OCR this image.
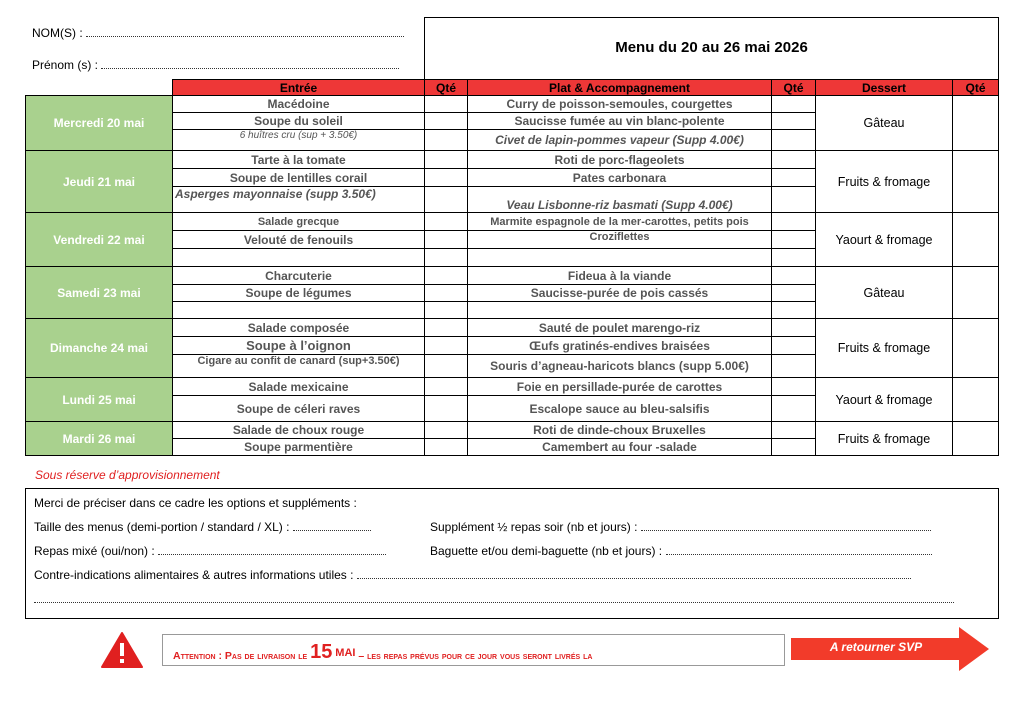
NOM(S) :
Prénom (s) :
Menu du 20 au 26 mai 2026
	Entrée	Qté	Plat & Accompagnement	Qté	Dessert	Qté
Mercredi 20 mai	Macédoine		Curry de poisson-semoules, courgettes		Gâteau	
	Soupe du soleil		Saucisse fumée au vin blanc-polente			
	6 huîtres cru (sup + 3.50€)		Civet de lapin-pommes vapeur (Supp 4.00€)			
Jeudi 21 mai	Tarte à la tomate		Roti de porc-flageolets		Fruits & fromage	
	Soupe de lentilles corail		Pates carbonara			
	Asperges mayonnaise (supp 3.50€)		Veau Lisbonne-riz basmati (Supp 4.00€)			
Vendredi 22 mai	Salade grecque		Marmite espagnole de la mer-carottes, petits pois		Yaourt & fromage	
	Velouté de fenouils		Croziflettes			

Samedi 23 mai	Charcuterie		Fideua à la viande		Gâteau	
	Soupe de légumes		Saucisse-purée de pois cassés			

Dimanche 24 mai	Salade composée		Sauté de poulet marengo-riz		Fruits & fromage	
	Soupe à l’oignon		Œufs gratinés-endives braisées			
	Cigare au confit de canard (sup+3.50€)		Souris d’agneau-haricots blancs (supp 5.00€)			
Lundi 25 mai	Salade mexicaine		Foie en persillade-purée de carottes		Yaourt & fromage	
	Soupe de céleri raves		Escalope sauce au bleu-salsifis			
Mardi 26 mai	Salade de choux rouge		Roti de dinde-choux Bruxelles		Fruits & fromage	
	Soupe parmentière		Camembert au four -salade			
Sous réserve d’approvisionnement
Merci de préciser dans ce cadre les options et suppléments :
Taille des menus (demi-portion / standard / XL) :	Supplément ½ repas soir (nb et jours) :
Repas mixé (oui/non) :	Baguette et/ou demi-baguette (nb et jours) :
Contre-indications alimentaires & autres informations utiles :
Attention : Pas de livraison le
15
mai
– les repas prévus pour ce jour vous seront livrés la
A retourner SVP
